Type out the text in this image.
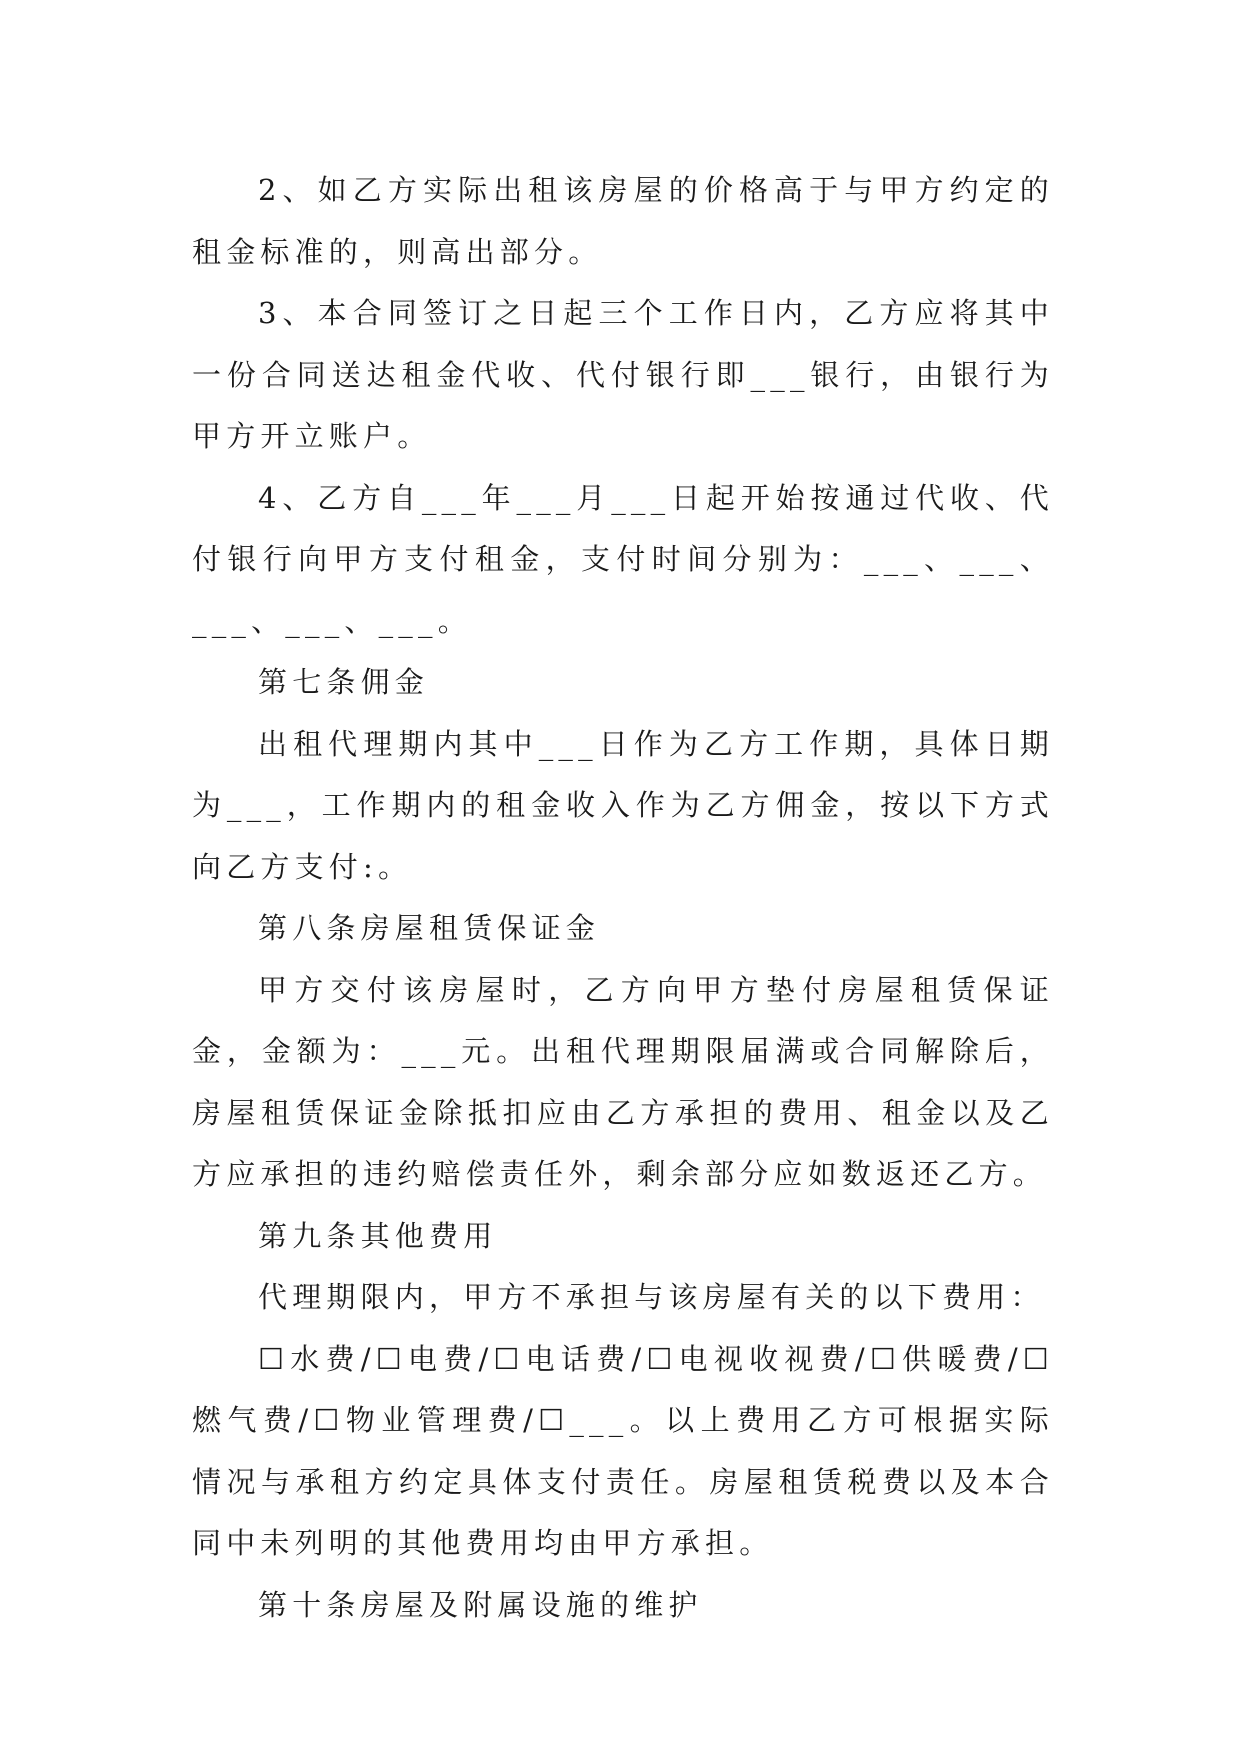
2、如乙方实际出租该房屋的价格高于与甲方约定的租金标准的，则高出部分。

3、本合同签订之日起三个工作日内，乙方应将其中一份合同送达租金代收、代付银行即___银行，由银行为甲方开立账户。

4、乙方自___年___月___日起开始按通过代收、代付银行向甲方支付租金，支付时间分别为：___、___、___、___、___。

第七条佣金

出租代理期内其中___日作为乙方工作期，具体日期为___，工作期内的租金收入作为乙方佣金，按以下方式向乙方支付:。

第八条房屋租赁保证金

甲方交付该房屋时，乙方向甲方垫付房屋租赁保证金，金额为：___元。出租代理期限届满或合同解除后，房屋租赁保证金除抵扣应由乙方承担的费用、租金以及乙方应承担的违约赔偿责任外，剩余部分应如数返还乙方。

第九条其他费用

代理期限内，甲方不承担与该房屋有关的以下费用：

☐水费/☐电费/☐电话费/☐电视收视费/☐供暖费/☐燃气费/☐物业管理费/☐___。以上费用乙方可根据实际情况与承租方约定具体支付责任。房屋租赁税费以及本合同中未列明的其他费用均由甲方承担。

第十条房屋及附属设施的维护
